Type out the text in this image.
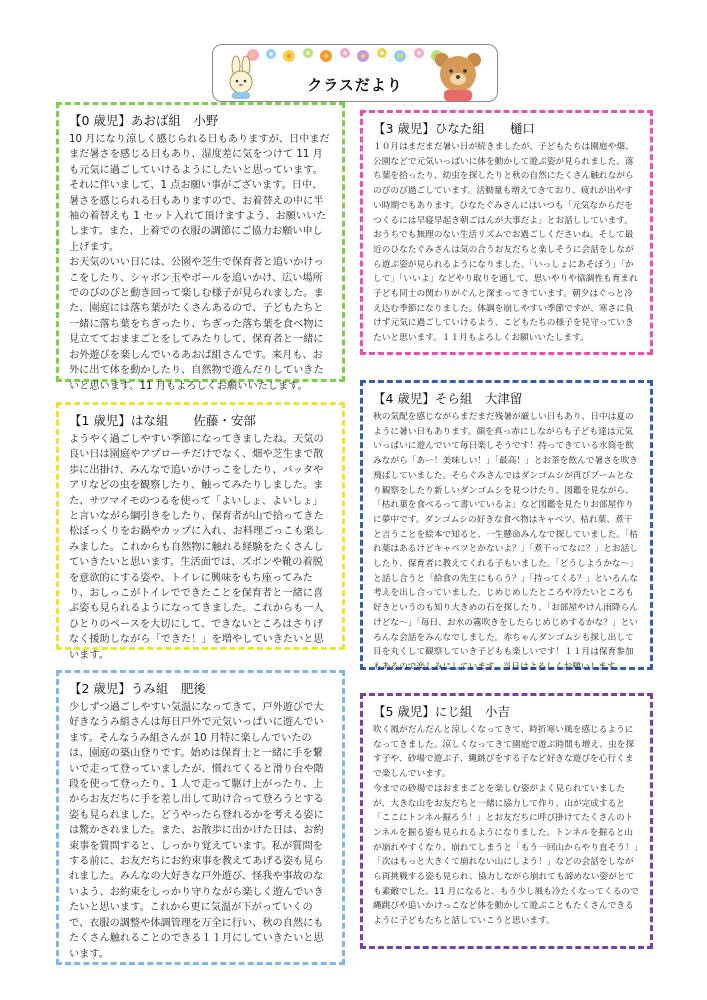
クラスだより
【0 歳児】あおば組　小野

10 月になり涼しく感じられる日もありますが、日中まだまだ暑さを感じる日もあり、湿度差に気をつけて 11 月も元気に過ごしていけるようにしたいと思っています。それに伴いまして、1 点お願い事がございます。日中、暑さを感じられる日もありますので、お着替えの中に半袖の着替えも 1 セット入れて頂けますよう、お願いいたします。また、上着での衣服の調節にご協力お願い申し上げます。

お天気のいい日には、公園や芝生で保育者と追いかけっこをしたり、シャボン玉やボールを追いかけ、広い場所でのびのびと動き回って楽しむ様子が見られました。また、園庭には落ち葉がたくさんあるので、子どもたちと一緒に落ち葉をちぎったり、ちぎった落ち葉を食べ物に見立てておままごとをしてみたりして、保育者と一緒にお外遊びを楽しんでいるあおば組さんです。来月も、お外に出て体を動かしたり、自然物で遊んだりしていきたいと思います。11 月もよろしくお願いいたします。

【3 歳児】ひなた組　　樋口

１０月はまだまだ暑い日が続きましたが、子どもたちは園庭や畑、公園などで元気いっぱいに体を動かして遊ぶ姿が見られました。落ち葉を拾ったり、幼虫を探したりと秋の自然にたくさん触れながらのびのび過ごしています。活動量も増えてきており、疲れが出やすい時期でもあります。ひなたぐみさんにはいつも「元気なからだをつくるには早寝早起き朝ごはんが大事だよ」とお話ししています。おうちでも無理のない生活リズムでお過ごしくださいね。そして最近のひなたぐみさんは気の合うお友だちと楽しそうに会話をしながら遊ぶ姿が見られるようになりました。「いっしょにあそぼう」「かして」「いいよ」などやり取りを通して、思いやりや協調性も育まれ子ども同士の関わりがぐんと深まってきています。朝夕はぐっと冷え込む季節になりました。体調を崩しやすい季節ですが、寒さに負けず元気に過ごしていけるよう、こどもたちの様子を見守っていきたいと思います。１１月もよろしくお願いいたします。

【1 歳児】はな組　　佐藤・安部

ようやく過ごしやすい季節になってきましたね。天気の良い日は園庭やアプローチだけでなく、畑や芝生まで散歩に出掛け、みんなで追いかけっこをしたり、バッタやアリなどの虫を観察したり、触ってみたりしました。また、サツマイモのつるを使って「よいしょ、よいしょ」と言いながら綱引きをしたり、保育者が山で拾ってきた松ぼっくりをお鍋やカップに入れ、お料理ごっこも楽しみました。これからも自然物に触れる経験をたくさんしていきたいと思います。生活面では、ズボンや靴の着脱を意欲的にする姿や、トイレに興味をもち座ってみたり、おしっこがトイレでできたことを保育者と一緒に喜ぶ姿も見られるようになってきました。これからも一人ひとりのペースを大切にして、できないところはさりげなく援助しながら「できた！」を増やしていきたいと思います。

【4 歳児】そら組　大津留

秋の気配を感じながらまだまだ残暑が厳しい日もあり、日中は夏のように暑い日もあります。顔を真っ赤にしながらも子ども達は元気いっぱいに遊んでいて毎日楽しそうです！持ってきている水筒を飲みながら「あー！美味しい！」「最高！」とお茶を飲んで暑さを吹き飛ばしていました。そらぐみさんではダンゴムシが再びブームとなり観察をしたり新しいダンゴムシを見つけたり、図鑑を見ながら、「枯れ葉を食べるって書いているよ」など図鑑を見たりお部屋作りに夢中です。ダンゴムシの好きな食べ物はキャベツ、枯れ葉、煮干と言うことを絵本で知ると、一生懸命みんなで探していました。「枯れ葉はあるけどキャベツとかないよ？」「煮干ってなに？」とお話ししたり、保育者に教えてくれる子もいました。「どうしようかな～」と話し合うと「給食の先生にもらう？」「持ってくる？」といろんな考えを出し合っていました。じめじめしたところや冷たいところも好きというのも知り大きめの石を探したり、「お部屋やけん雨降らんけどな～」「毎日、お水の霧吹きをしたらじめじめするかな？」といろんな会話をみんなでしました。赤ちゃんダンゴムシも探し出して目を丸くして観察していき子どもも楽しいです！１１月は保育参加もあるので楽しみにしています。当日はよろしくお願いします。

【2 歳児】うみ組　肥後

少しずつ過ごしやすい気温になってきて、戸外遊びで大好きなうみ組さんは毎日戸外で元気いっぱいに遊んでいます。そんなうみ組さんが 10 月特に楽しんでいたのは、園庭の築山登りです。始めは保育士と一緒に手を繋いで走って登っていましたが、慣れてくると滑り台や階段を使って登ったり、1 人で走って駆け上がったり、上からお友だちに手を差し出して助け合って登ろうとする姿も見られました。どうやったら登れるかを考える姿には驚かされました。また、お散歩に出かけた日は、お約束事を質問すると、しっかり覚えています。私が質問をする前に、お友だちにお約束事を教えてあげる姿も見られました。みんなの大好きな戸外遊び、怪我や事故のないよう、お約束をしっかり守りながら楽しく遊んでいきたいと思います。これから更に気温が下がっていくので、衣服の調整や体調管理を万全に行い、秋の自然にもたくさん触れることのできる１１月にしていきたいと思います。

【5 歳児】にじ組　小吉

吹く風がだんだんと涼しくなってきて、時折寒い風を感じるようになってきました。涼しくなってきて園庭で遊ぶ時間も増え、虫を探す子や、砂場で遊ぶ子、縄跳びをする子など好きな遊びを心行くまで楽しんでいます。

今までの砂場ではおままごとを楽しむ姿がよく見られていましたが、大きな山をお友だちと一緒に協力して作り、山が完成すると「ここにトンネル掘ろう！」とお友だちに呼び掛けてたくさんのトンネルを掘る姿も見られるようになりました。トンネルを掘ると山が崩れやすくなり、崩れてしまうと「もう一回山からやり直そう！」「次はもっと大きくて崩れない山にしよう！」などの会話をしながら再挑戦する姿も見られ、協力しながら崩れても諦めない姿がとても素敵でした。11 月になると、もう少し風も冷たくなってくるので縄跳びや追いかけっこなど体を動かして遊ぶこともたくさんできるように子どもたちと話していこうと思います。
